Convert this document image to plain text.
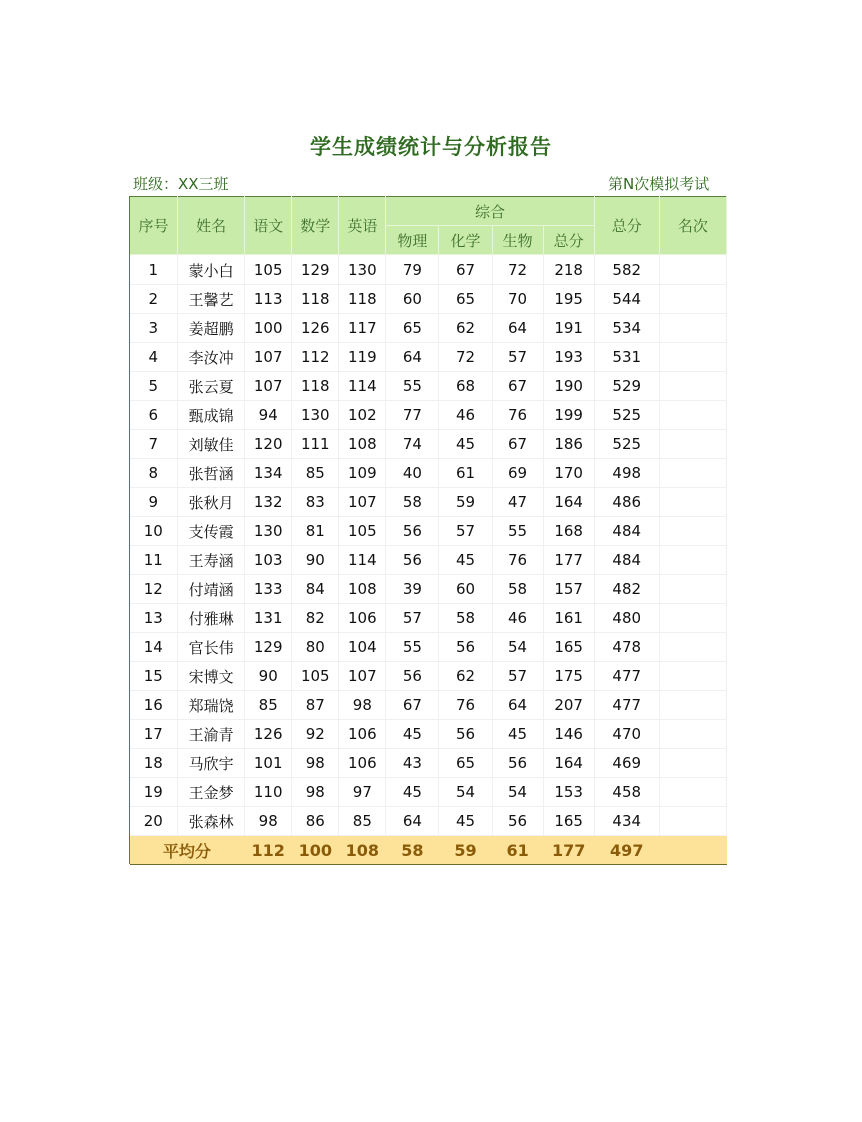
学生成绩统计与分析报告
班级：XX三班	第N次模拟考试
序号	姓名	语文	数学	英语	综合				总分	名次
					物理	化学	生物	总分		
1	蒙小白	105	129	130	79	67	72	218	582	
2	王馨艺	113	118	118	60	65	70	195	544	
3	姜超鹏	100	126	117	65	62	64	191	534	
4	李汝冲	107	112	119	64	72	57	193	531	
5	张云夏	107	118	114	55	68	67	190	529	
6	甄成锦	94	130	102	77	46	76	199	525	
7	刘敏佳	120	111	108	74	45	67	186	525	
8	张哲涵	134	85	109	40	61	69	170	498	
9	张秋月	132	83	107	58	59	47	164	486	
10	支传霞	130	81	105	56	57	55	168	484	
11	王寿涵	103	90	114	56	45	76	177	484	
12	付靖涵	133	84	108	39	60	58	157	482	
13	付雅琳	131	82	106	57	58	46	161	480	
14	官长伟	129	80	104	55	56	54	165	478	
15	宋博文	90	105	107	56	62	57	175	477	
16	郑瑞饶	85	87	98	67	76	64	207	477	
17	王渝青	126	92	106	45	56	45	146	470	
18	马欣宇	101	98	106	43	65	56	164	469	
19	王金梦	110	98	97	45	54	54	153	458	
20	张森林	98	86	85	64	45	56	165	434	
平均分		112	100	108	58	59	61	177	497	
